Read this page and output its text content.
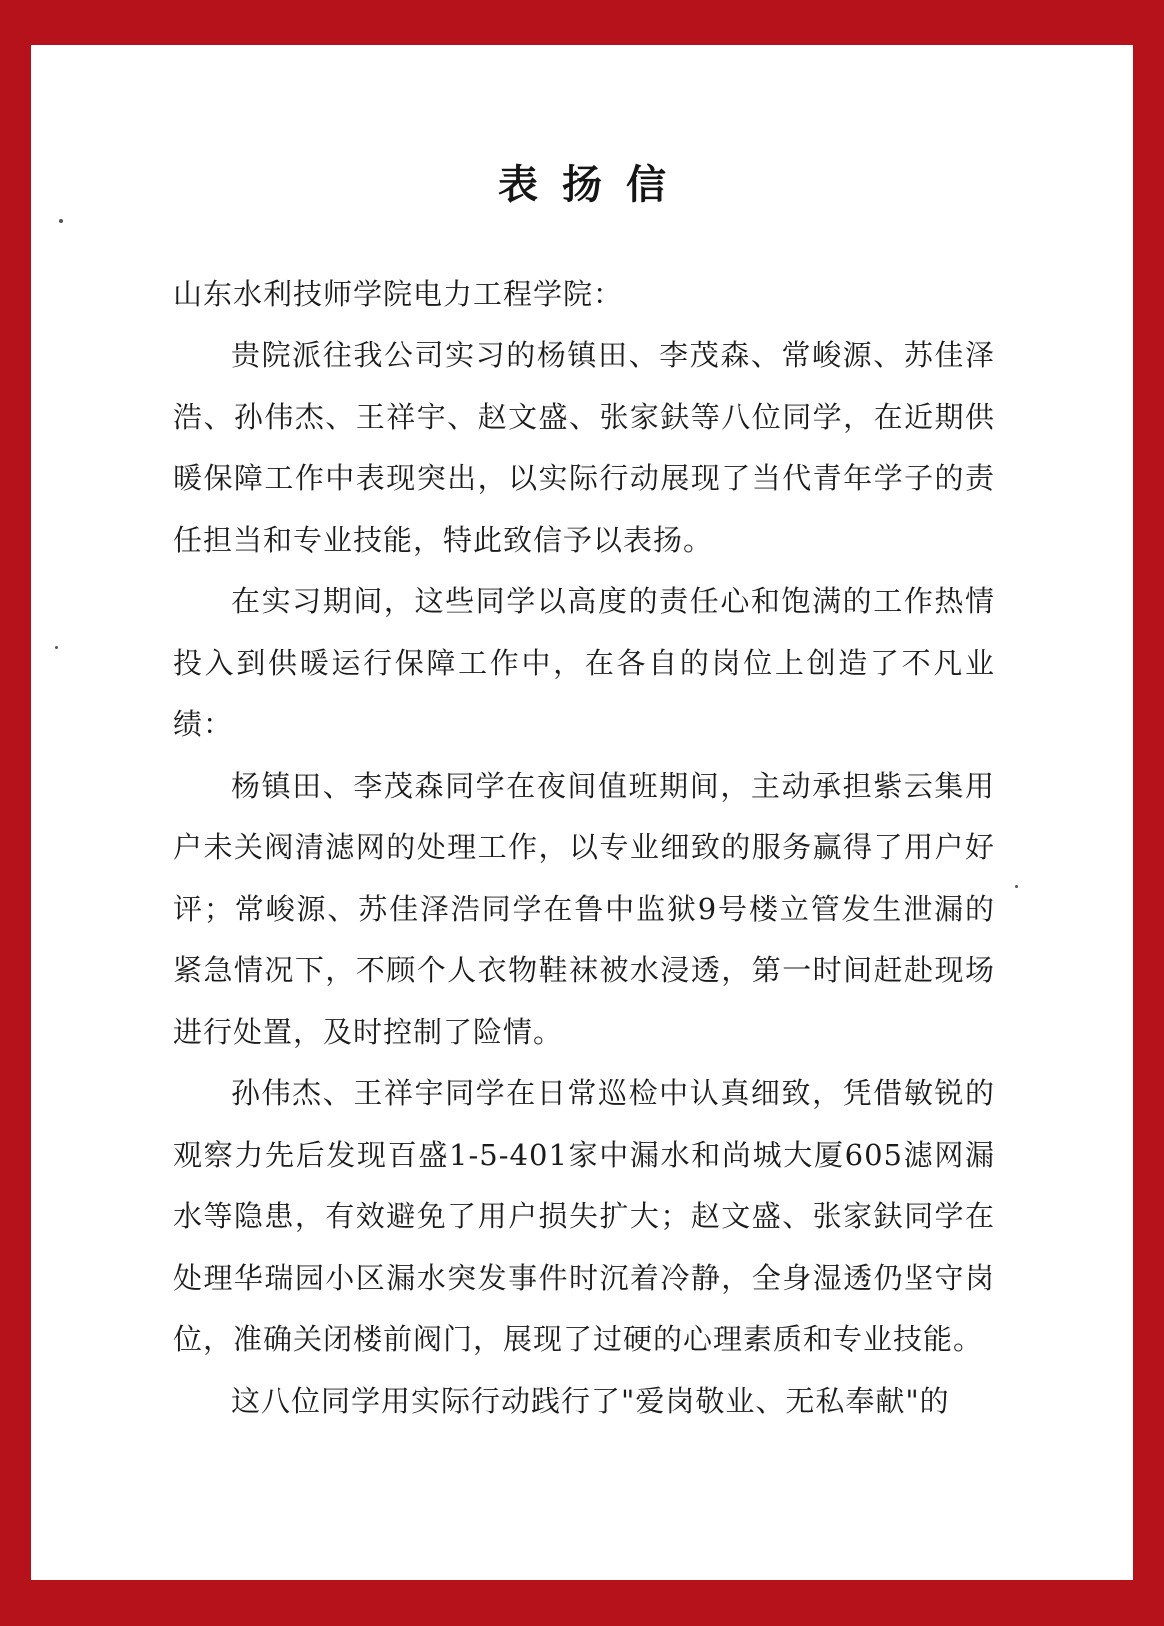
表扬信
山东水利技师学院电力工程学院：

贵院派往我公司实习的杨镇田、李茂森、常峻源、苏佳泽浩、孙伟杰、王祥宇、赵文盛、张家鈇等八位同学，在近期供暖保障工作中表现突出，以实际行动展现了当代青年学子的责任担当和专业技能，特此致信予以表扬。

在实习期间，这些同学以高度的责任心和饱满的工作热情投入到供暖运行保障工作中，在各自的岗位上创造了不凡业绩：

杨镇田、李茂森同学在夜间值班期间，主动承担紫云集用户未关阀清滤网的处理工作，以专业细致的服务赢得了用户好评；常峻源、苏佳泽浩同学在鲁中监狱9号楼立管发生泄漏的紧急情况下，不顾个人衣物鞋袜被水浸透，第一时间赶赴现场进行处置，及时控制了险情。

孙伟杰、王祥宇同学在日常巡检中认真细致，凭借敏锐的观察力先后发现百盛1-5-401家中漏水和尚城大厦605滤网漏水等隐患，有效避免了用户损失扩大；赵文盛、张家鈇同学在处理华瑞园小区漏水突发事件时沉着冷静，全身湿透仍坚守岗位，准确关闭楼前阀门，展现了过硬的心理素质和专业技能。

这八位同学用实际行动践行了"爱岗敬业、无私奉献"的
